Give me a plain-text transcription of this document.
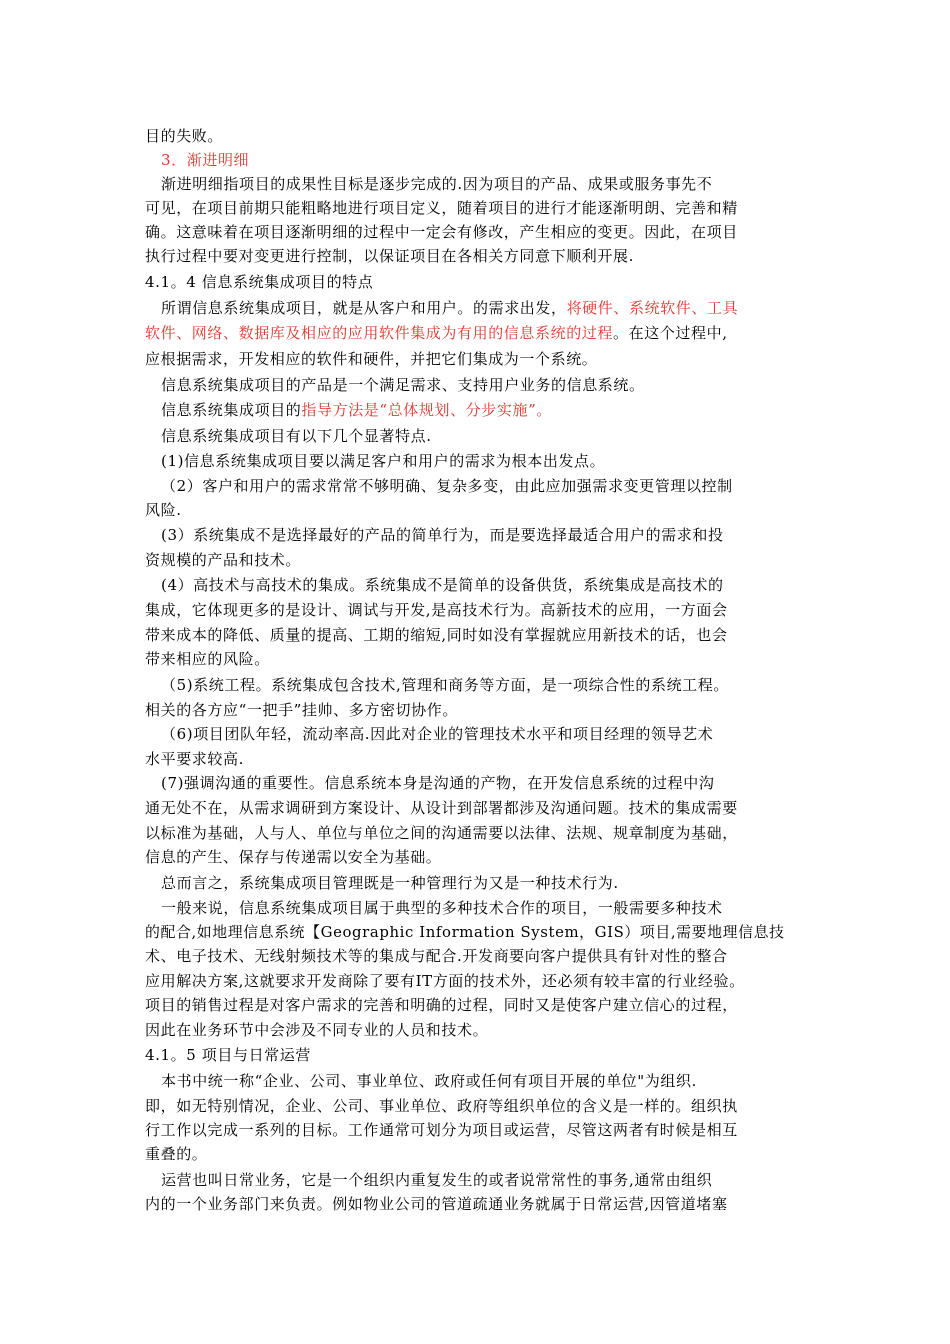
目的失败。
3．渐进明细
渐进明细指项目的成果性目标是逐步完成的.因为项目的产品、成果或服务事先不
可见，在项目前期只能粗略地进行项目定义，随着项目的进行才能逐渐明朗、完善和精
确。这意味着在项目逐渐明细的过程中一定会有修改，产生相应的变更。因此，在项目
执行过程中要对变更进行控制，以保证项目在各相关方同意下顺利开展.
4.1。4 信息系统集成项目的特点
所谓信息系统集成项目，就是从客户和用户。的需求出发，将硬件、系统软件、工具
软件、网络、数据库及相应的应用软件集成为有用的信息系统的过程。在这个过程中,
应根据需求，开发相应的软件和硬件，并把它们集成为一个系统。
信息系统集成项目的产品是一个满足需求、支持用户业务的信息系统。
信息系统集成项目的指导方法是“总体规划、分步实施”。
信息系统集成项目有以下几个显著特点.
(1)信息系统集成项目要以满足客户和用户的需求为根本出发点。
（2）客户和用户的需求常常不够明确、复杂多变，由此应加强需求变更管理以控制
风险.
(3）系统集成不是选择最好的产品的简单行为，而是要选择最适合用户的需求和投
资规模的产品和技术。
(4）高技术与高技术的集成。系统集成不是简单的设备供货，系统集成是高技术的
集成，它体现更多的是设计、调试与开发,是高技术行为。高新技术的应用，一方面会
带来成本的降低、质量的提高、工期的缩短,同时如没有掌握就应用新技术的话，也会
带来相应的风险。
（5)系统工程。系统集成包含技术,管理和商务等方面，是一项综合性的系统工程。
相关的各方应“一把手”挂帅、多方密切协作。
（6)项目团队年轻，流动率高.因此对企业的管理技术水平和项目经理的领导艺术
水平要求较高.
(7)强调沟通的重要性。信息系统本身是沟通的产物，在开发信息系统的过程中沟
通无处不在，从需求调研到方案设计、从设计到部署都涉及沟通问题。技术的集成需要
以标准为基础，人与人、单位与单位之间的沟通需要以法律、法规、规章制度为基础，
信息的产生、保存与传递需以安全为基础。
总而言之，系统集成项目管理既是一种管理行为又是一种技术行为.
一般来说，信息系统集成项目属于典型的多种技术合作的项目，一般需要多种技术
的配合,如地理信息系统【Geographic Information System，GIS）项目,需要地理信息技
术、电子技术、无线射频技术等的集成与配合.开发商要向客户提供具有针对性的整合
应用解决方案,这就要求开发商除了要有IT方面的技术外，还必须有较丰富的行业经验。
项目的销售过程是对客户需求的完善和明确的过程，同时又是使客户建立信心的过程，
因此在业务环节中会涉及不同专业的人员和技术。
4.1。5 项目与日常运营
本书中统一称“企业、公司、事业单位、政府或任何有项目开展的单位"为组织.
即，如无特别情况，企业、公司、事业单位、政府等组织单位的含义是一样的。组织执
行工作以完成一系列的目标。工作通常可划分为项目或运营，尽管这两者有时候是相互
重叠的。
运营也叫日常业务，它是一个组织内重复发生的或者说常常性的事务,通常由组织
内的一个业务部门来负责。例如物业公司的管道疏通业务就属于日常运营,因管道堵塞
